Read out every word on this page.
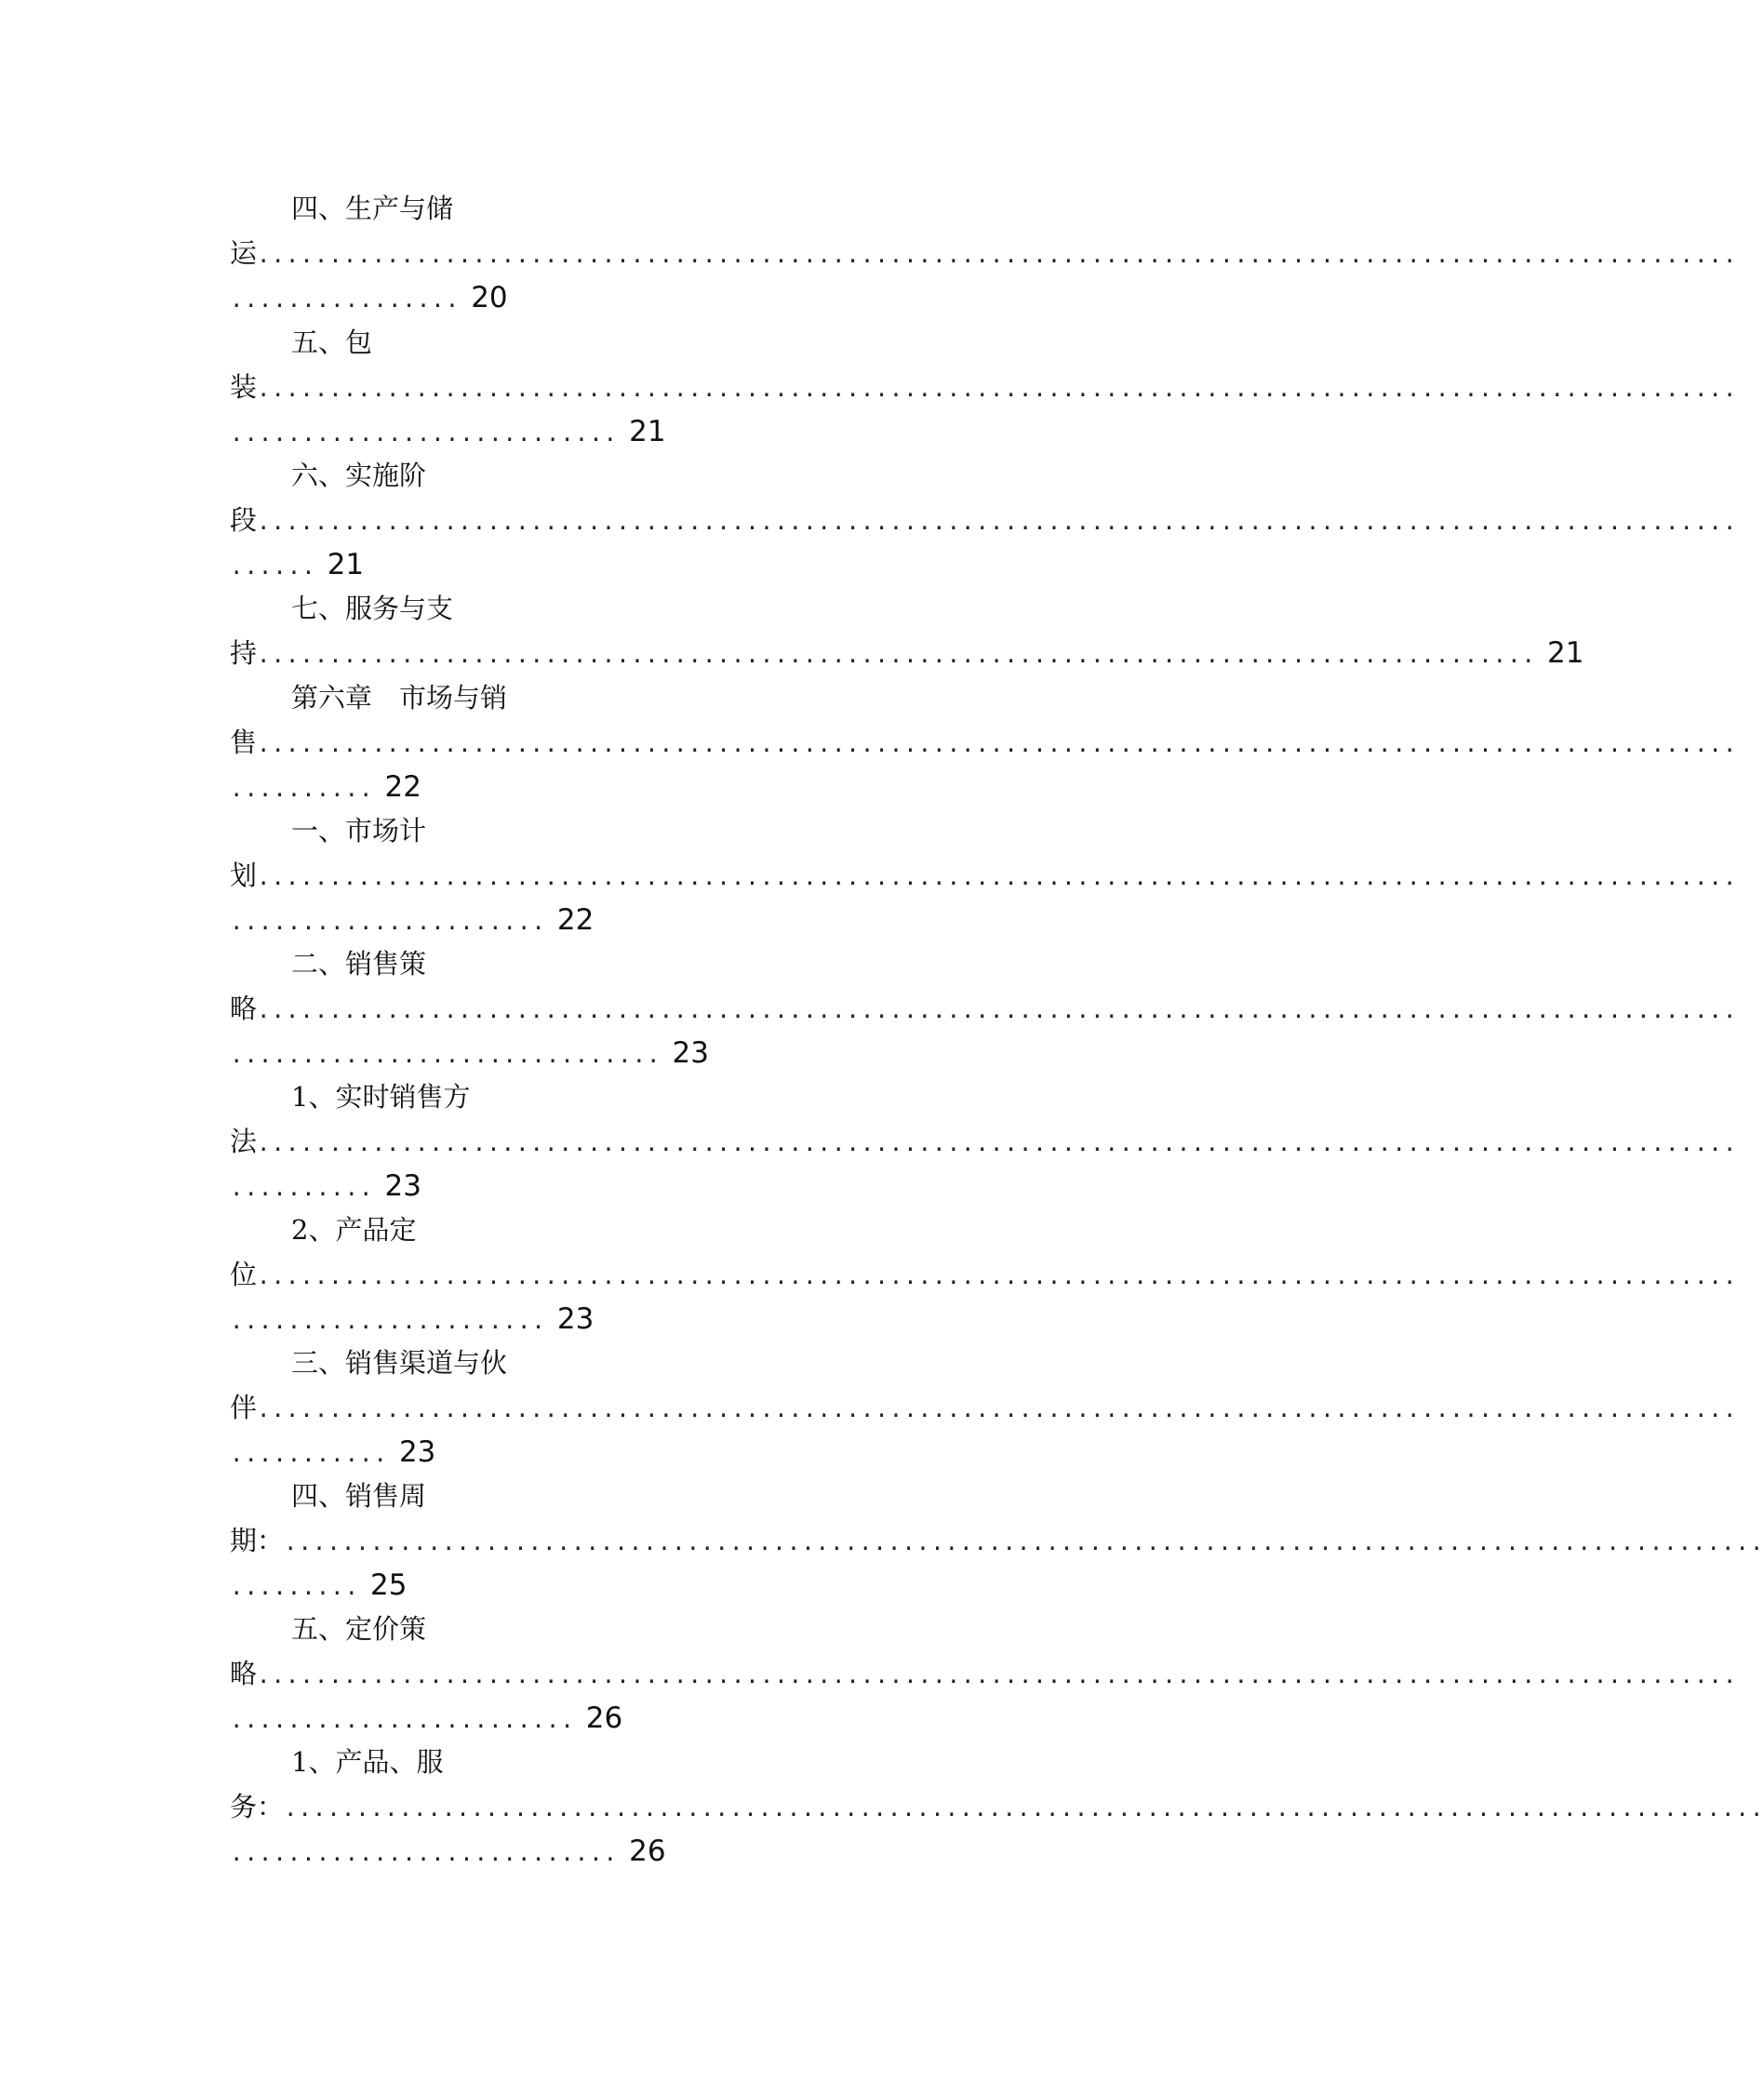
四、生产与储
运.......................................................................................................
................ 20
五、包
装.......................................................................................................
........................... 21
六、实施阶
段.......................................................................................................
...... 21
七、服务与支
持......................................................................................... 21
第六章　市场与销
售.......................................................................................................
.......... 22
一、市场计
划.......................................................................................................
...................... 22
二、销售策
略.......................................................................................................
.............................. 23
1、实时销售方
法.......................................................................................................
.......... 23
2、产品定
位.......................................................................................................
...................... 23
三、销售渠道与伙
伴.......................................................................................................
........... 23
四、销售周
期：.......................................................................................................
......... 25
五、定价策
略.......................................................................................................
........................ 26
1、产品、服
务：.......................................................................................................
........................... 26
